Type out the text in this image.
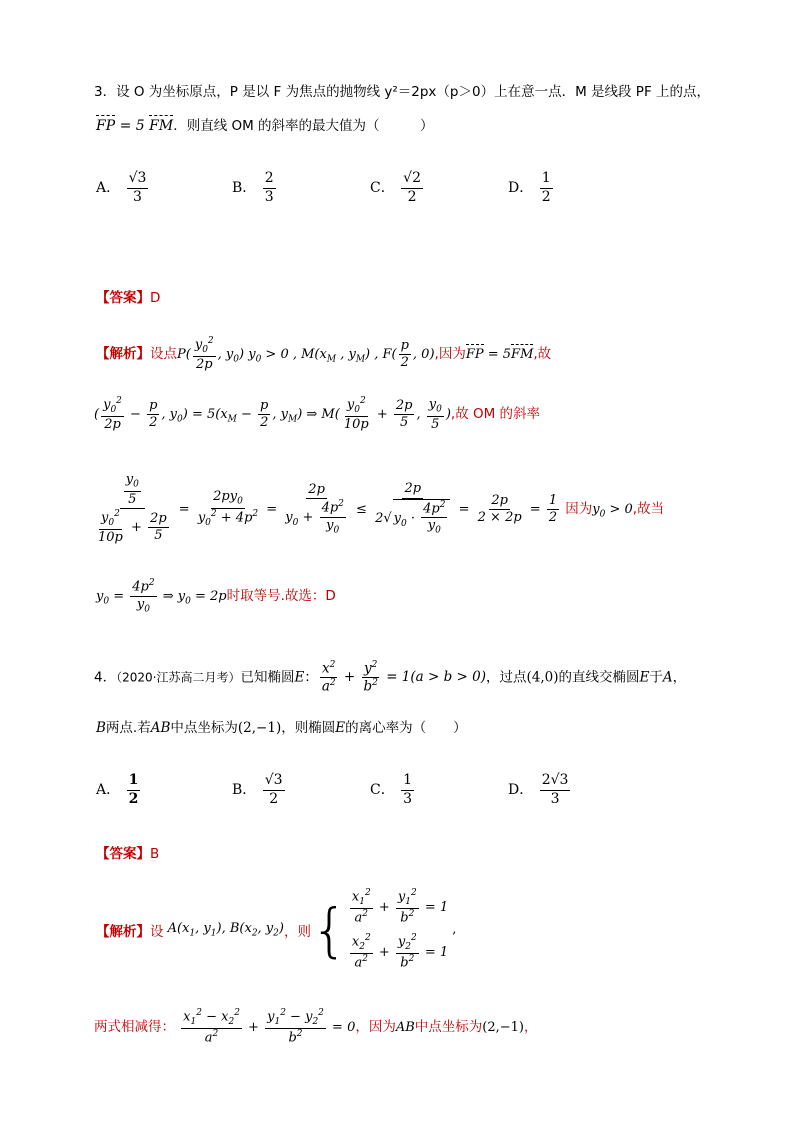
3．设 O 为坐标原点，P 是以 F 为焦点的抛物线 y²＝2px（p＞0）上在意一点．M 是线段 PF 上的点，
FP = 5 FM．则直线 OM 的斜率的最大值为（　　　）
A． $\frac{√3}{3}$	B． $\frac{2}{3}$	C． $\frac{√2}{2}$	D． $\frac{1}{2}$
【答案】D
【解析】设点$P( \frac{y_0^2}{2p}$ , $y_0$) $y_0 > 0$ , $M(x_M$ , $y_M$) , $F( \frac{p}{2}$ , 0),因为FP = 5FM,故
( $\frac{y_0^2}{2p} - \frac{p}{2}$ , $y_0) = 5(x_M - \frac{p}{2}$ , $y_M$) ⇒ $M( \frac{y_0^2}{10p} + \frac{2p}{5}$ , $\frac{y_0}{5}$ ),故 OM 的斜率
$\frac{\frac{y_0}{5}}{\frac{y_0^2}{10p} + \frac{2p}{5}} = \frac{2py_0}{y_0^2 + 4p^2} = \frac{2p}{y_0 + \frac{4p^2}{y_0}} \le \frac{2p}{2√ y_0 \cdot \frac{4p^2}{y_0}} = \frac{2p}{2 \times 2p} = \frac{1}{2}$ 因为$y_0 > 0$,故当
$y_0 = \frac{4p^2}{y_0}$ ⇒ $y_0 = 2p$时取等号.故选：D
4．（2020·江苏高二月考）已知椭圆E： $\frac{x^2}{a^2} + \frac{y^2}{b^2} = 1(a > b > 0)$，过点(4,0)的直线交椭圆E于A，
B两点.若AB中点坐标为(2,−1)，则椭圆E的离心率为（　　）
A． $\frac{1}{2}$	B． $\frac{√3}{2}$	C． $\frac{1}{3}$	D． $\frac{2√3}{3}$
【答案】B
【解析】 设 $A(x_1$, $y_1$), $B(x_2$, $y_2$) ，则 { $\frac{x_1^2}{a^2} + \frac{y_1^2}{b^2} = 1$
$\frac{x_2^2}{a^2} + \frac{y_2^2}{b^2} = 1$
,
两式相减得： $\frac{x_1^2 - x_2^2}{a^2} + \frac{y_1^2 - y_2^2}{b^2} = 0$，因为AB中点坐标为(2,−1)，
